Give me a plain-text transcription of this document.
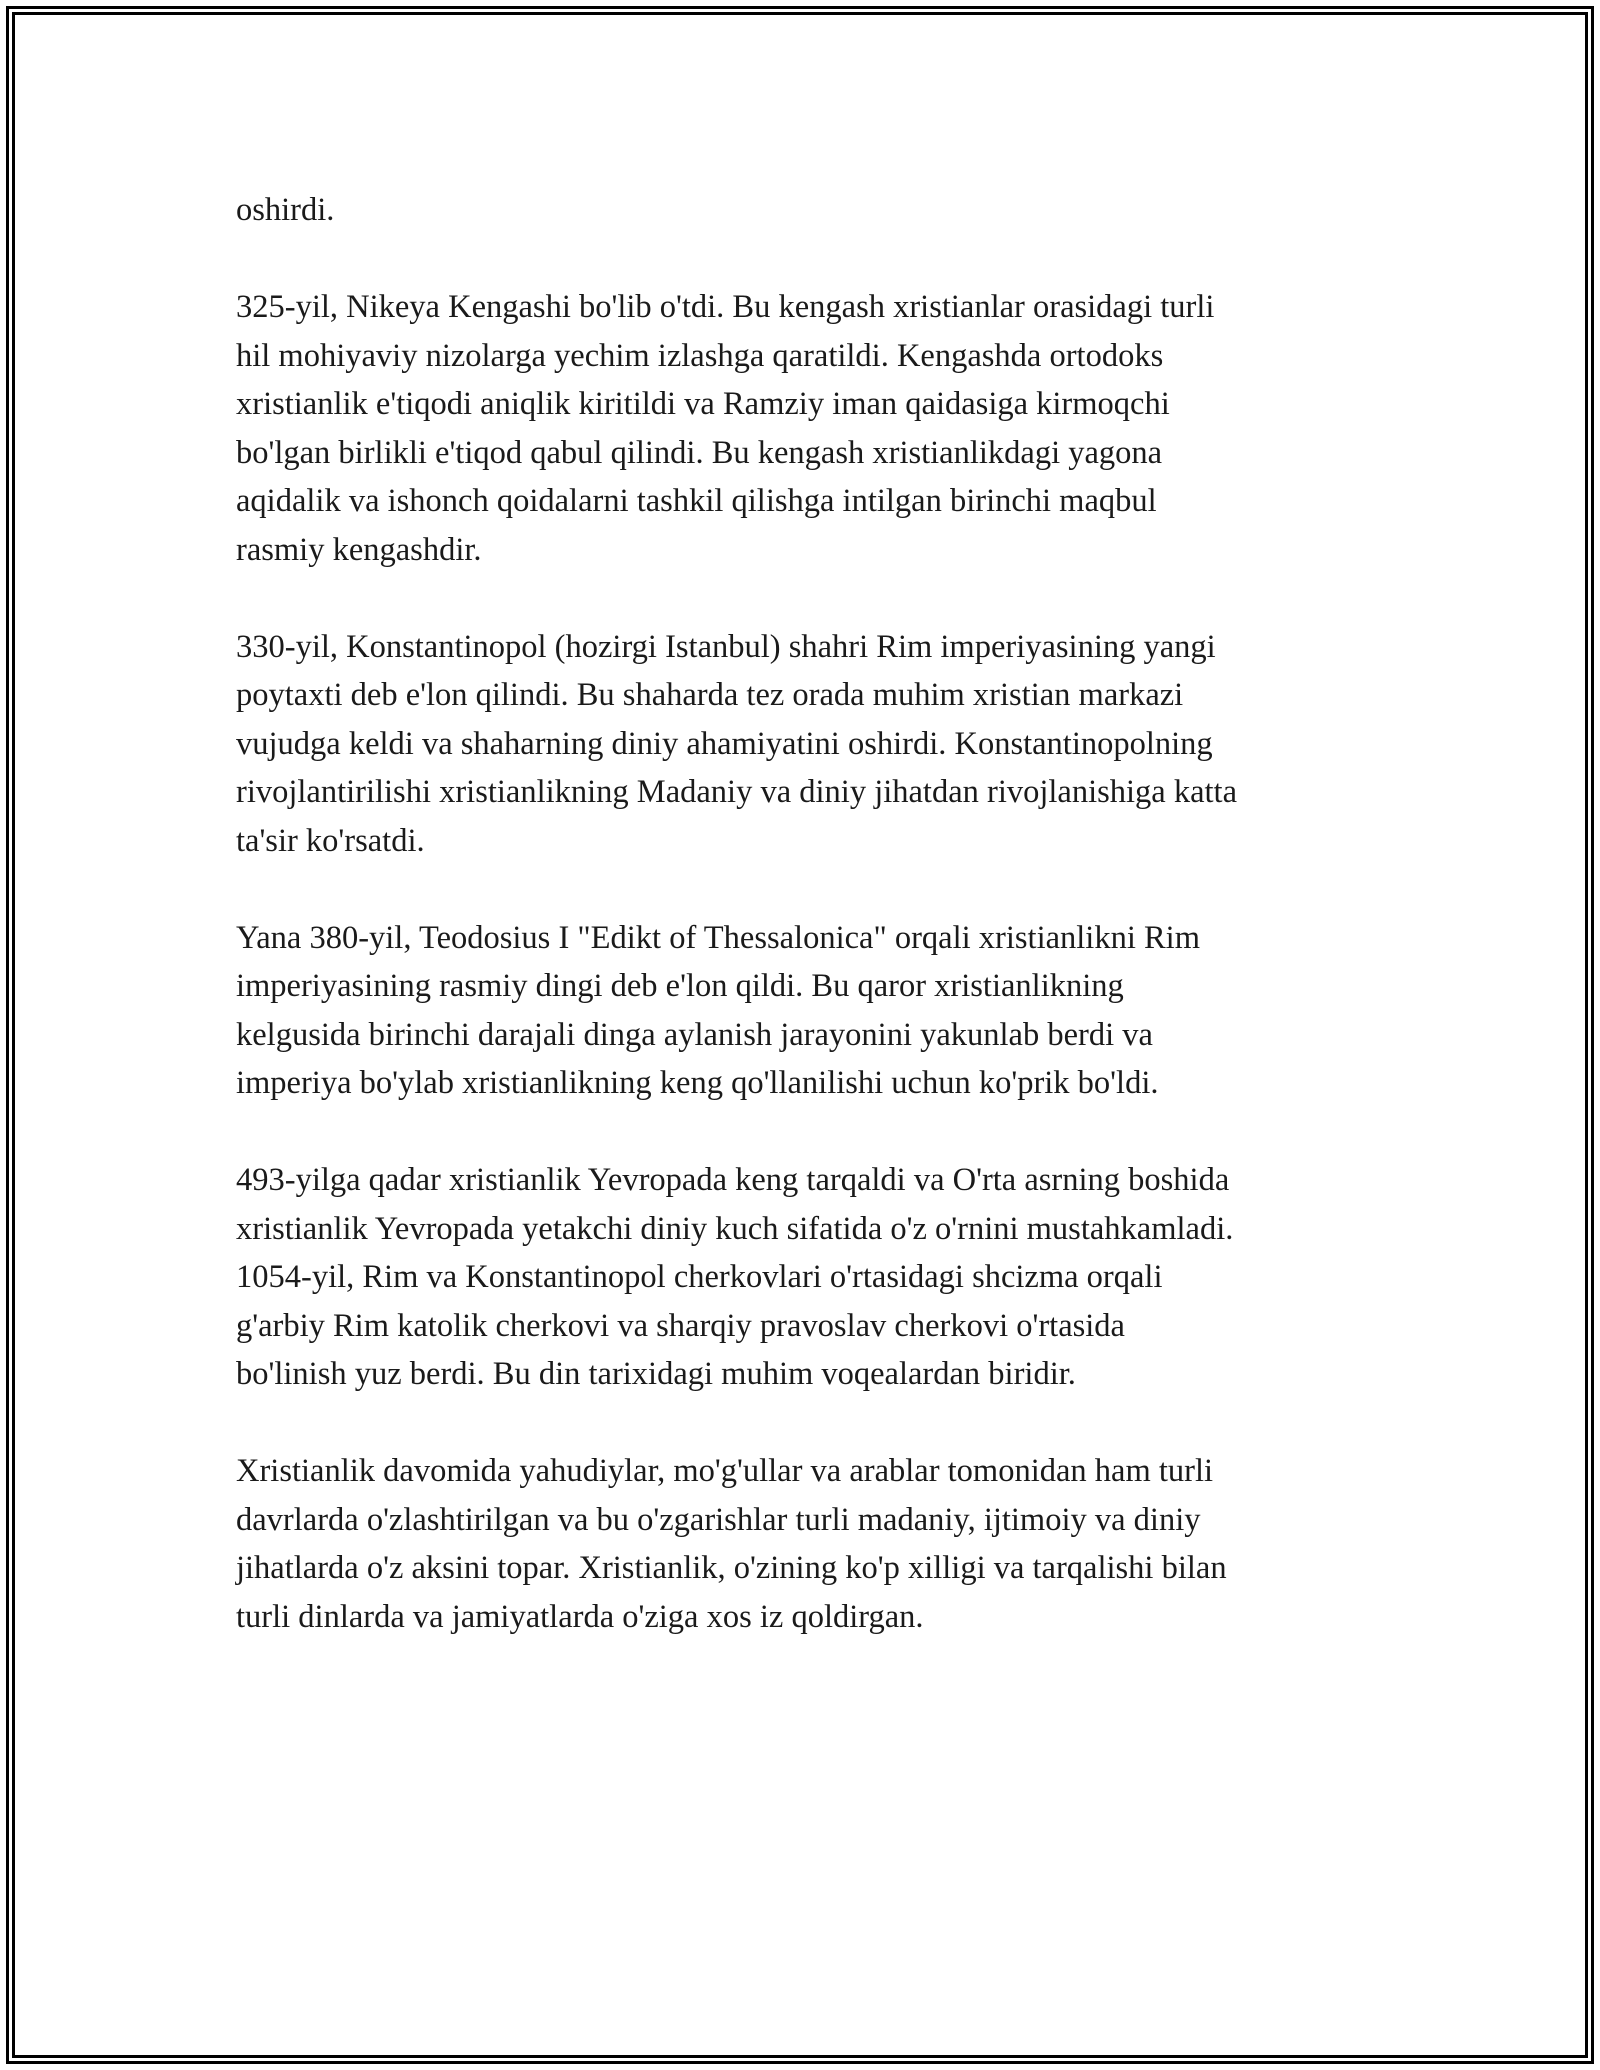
oshirdi.

325-yil, Nikeya Kengashi bo'lib o'tdi. Bu kengash xristianlar orasidagi turli
hil mohiyaviy nizolarga yechim izlashga qaratildi. Kengashda ortodoks
xristianlik e'tiqodi aniqlik kiritildi va Ramziy iman qaidasiga kirmoqchi
bo'lgan birlikli e'tiqod qabul qilindi. Bu kengash xristianlikdagi yagona
aqidalik va ishonch qoidalarni tashkil qilishga intilgan birinchi maqbul
rasmiy kengashdir.

330-yil, Konstantinopol (hozirgi Istanbul) shahri Rim imperiyasining yangi
poytaxti deb e'lon qilindi. Bu shaharda tez orada muhim xristian markazi
vujudga keldi va shaharning diniy ahamiyatini oshirdi. Konstantinopolning
rivojlantirilishi xristianlikning Madaniy va diniy jihatdan rivojlanishiga katta
ta'sir ko'rsatdi.

Yana 380-yil, Teodosius I "Edikt of Thessalonica" orqali xristianlikni Rim
imperiyasining rasmiy dingi deb e'lon qildi. Bu qaror xristianlikning
kelgusida birinchi darajali dinga aylanish jarayonini yakunlab berdi va
imperiya bo'ylab xristianlikning keng qo'llanilishi uchun ko'prik bo'ldi.

493-yilga qadar xristianlik Yevropada keng tarqaldi va O'rta asrning boshida
xristianlik Yevropada yetakchi diniy kuch sifatida o'z o'rnini mustahkamladi.
1054-yil, Rim va Konstantinopol cherkovlari o'rtasidagi shcizma orqali
g'arbiy Rim katolik cherkovi va sharqiy pravoslav cherkovi o'rtasida
bo'linish yuz berdi. Bu din tarixidagi muhim voqealardan biridir.

Xristianlik davomida yahudiylar, mo'g'ullar va arablar tomonidan ham turli
davrlarda o'zlashtirilgan va bu o'zgarishlar turli madaniy, ijtimoiy va diniy
jihatlarda o'z aksini topar. Xristianlik, o'zining ko'p xilligi va tarqalishi bilan
turli dinlarda va jamiyatlarda o'ziga xos iz qoldirgan.
